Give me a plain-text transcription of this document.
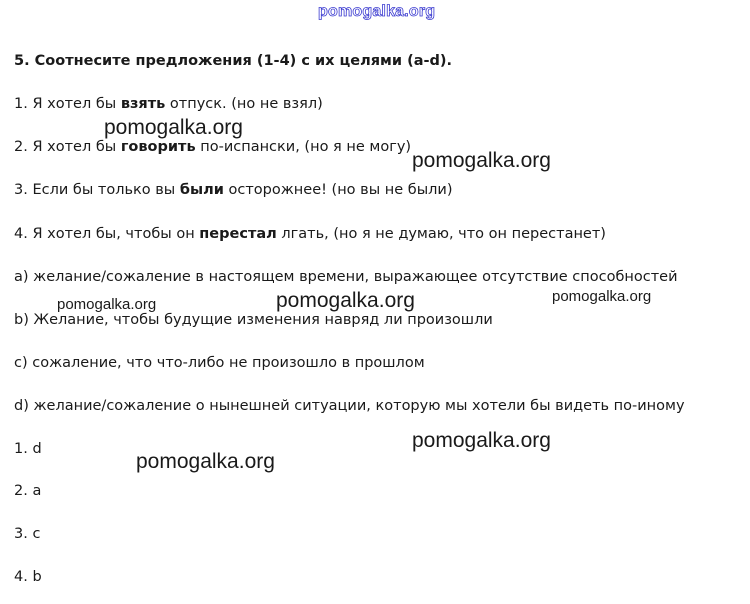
pomogalka.org
5. Соотнесите предложения (1-4) с их целями (a-d).
1. Я хотел бы взять отпуск. (но не взял)
2. Я хотел бы говорить по-испански, (но я не могу)
3. Если бы только вы были осторожнее! (но вы не были)
4. Я хотел бы, чтобы он перестал лгать, (но я не думаю, что он перестанет)
a) желание/сожаление в настоящем времени, выражающее отсутствие способностей
b) Желание, чтобы будущие изменения навряд ли произошли
c) сожаление, что что-либо не произошло в прошлом
d) желание/сожаление о нынешней ситуации, которую мы хотели бы видеть по-иному
1. d
2. a
3. c
4. b
pomogalka.org
pomogalka.org
pomogalka.org	pomogalka.org	pomogalka.org
pomogalka.org
pomogalka.org
